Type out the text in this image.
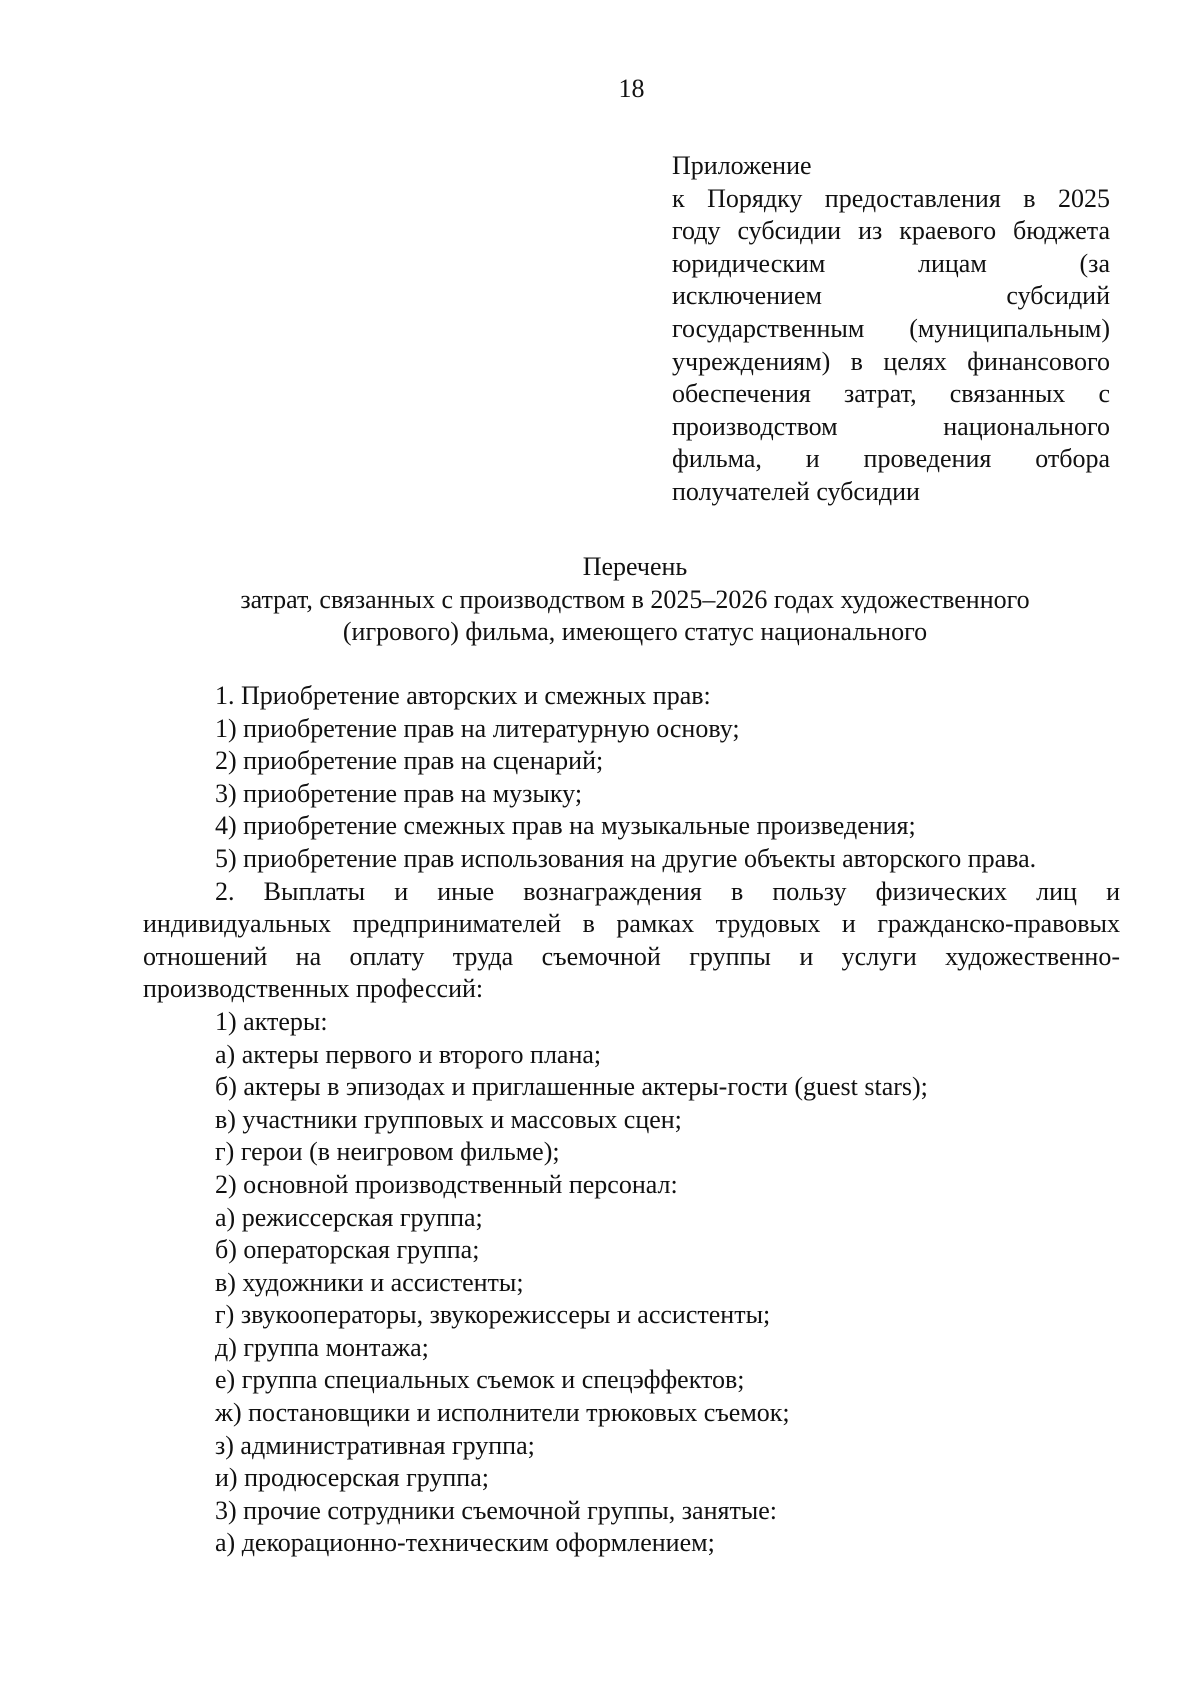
18
Приложение
к Порядку предоставления в 2025
году субсидии из краевого бюджета
юридическим лицам (за
исключением субсидий
государственным (муниципальным)
учреждениям) в целях финансового
обеспечения затрат, связанных с
производством национального
фильма, и проведения отбора
получателей субсидии
Перечень
затрат, связанных с производством в 2025–2026 годах художественного
(игрового) фильма, имеющего статус национального
1. Приобретение авторских и смежных прав:
1) приобретение прав на литературную основу;
2) приобретение прав на сценарий;
3) приобретение прав на музыку;
4) приобретение смежных прав на музыкальные произведения;
5) приобретение прав использования на другие объекты авторского права.
2. Выплаты и иные вознаграждения в пользу физических лиц и
индивидуальных предпринимателей в рамках трудовых и гражданско-правовых
отношений на оплату труда съемочной группы и услуги художественно-
производственных профессий:
1) актеры:
а) актеры первого и второго плана;
б) актеры в эпизодах и приглашенные актеры-гости (guest stars);
в) участники групповых и массовых сцен;
г) герои (в неигровом фильме);
2) основной производственный персонал:
а) режиссерская группа;
б) операторская группа;
в) художники и ассистенты;
г) звукооператоры, звукорежиссеры и ассистенты;
д) группа монтажа;
е) группа специальных съемок и спецэффектов;
ж) постановщики и исполнители трюковых съемок;
з) административная группа;
и) продюсерская группа;
3) прочие сотрудники съемочной группы, занятые:
а) декорационно-техническим оформлением;
